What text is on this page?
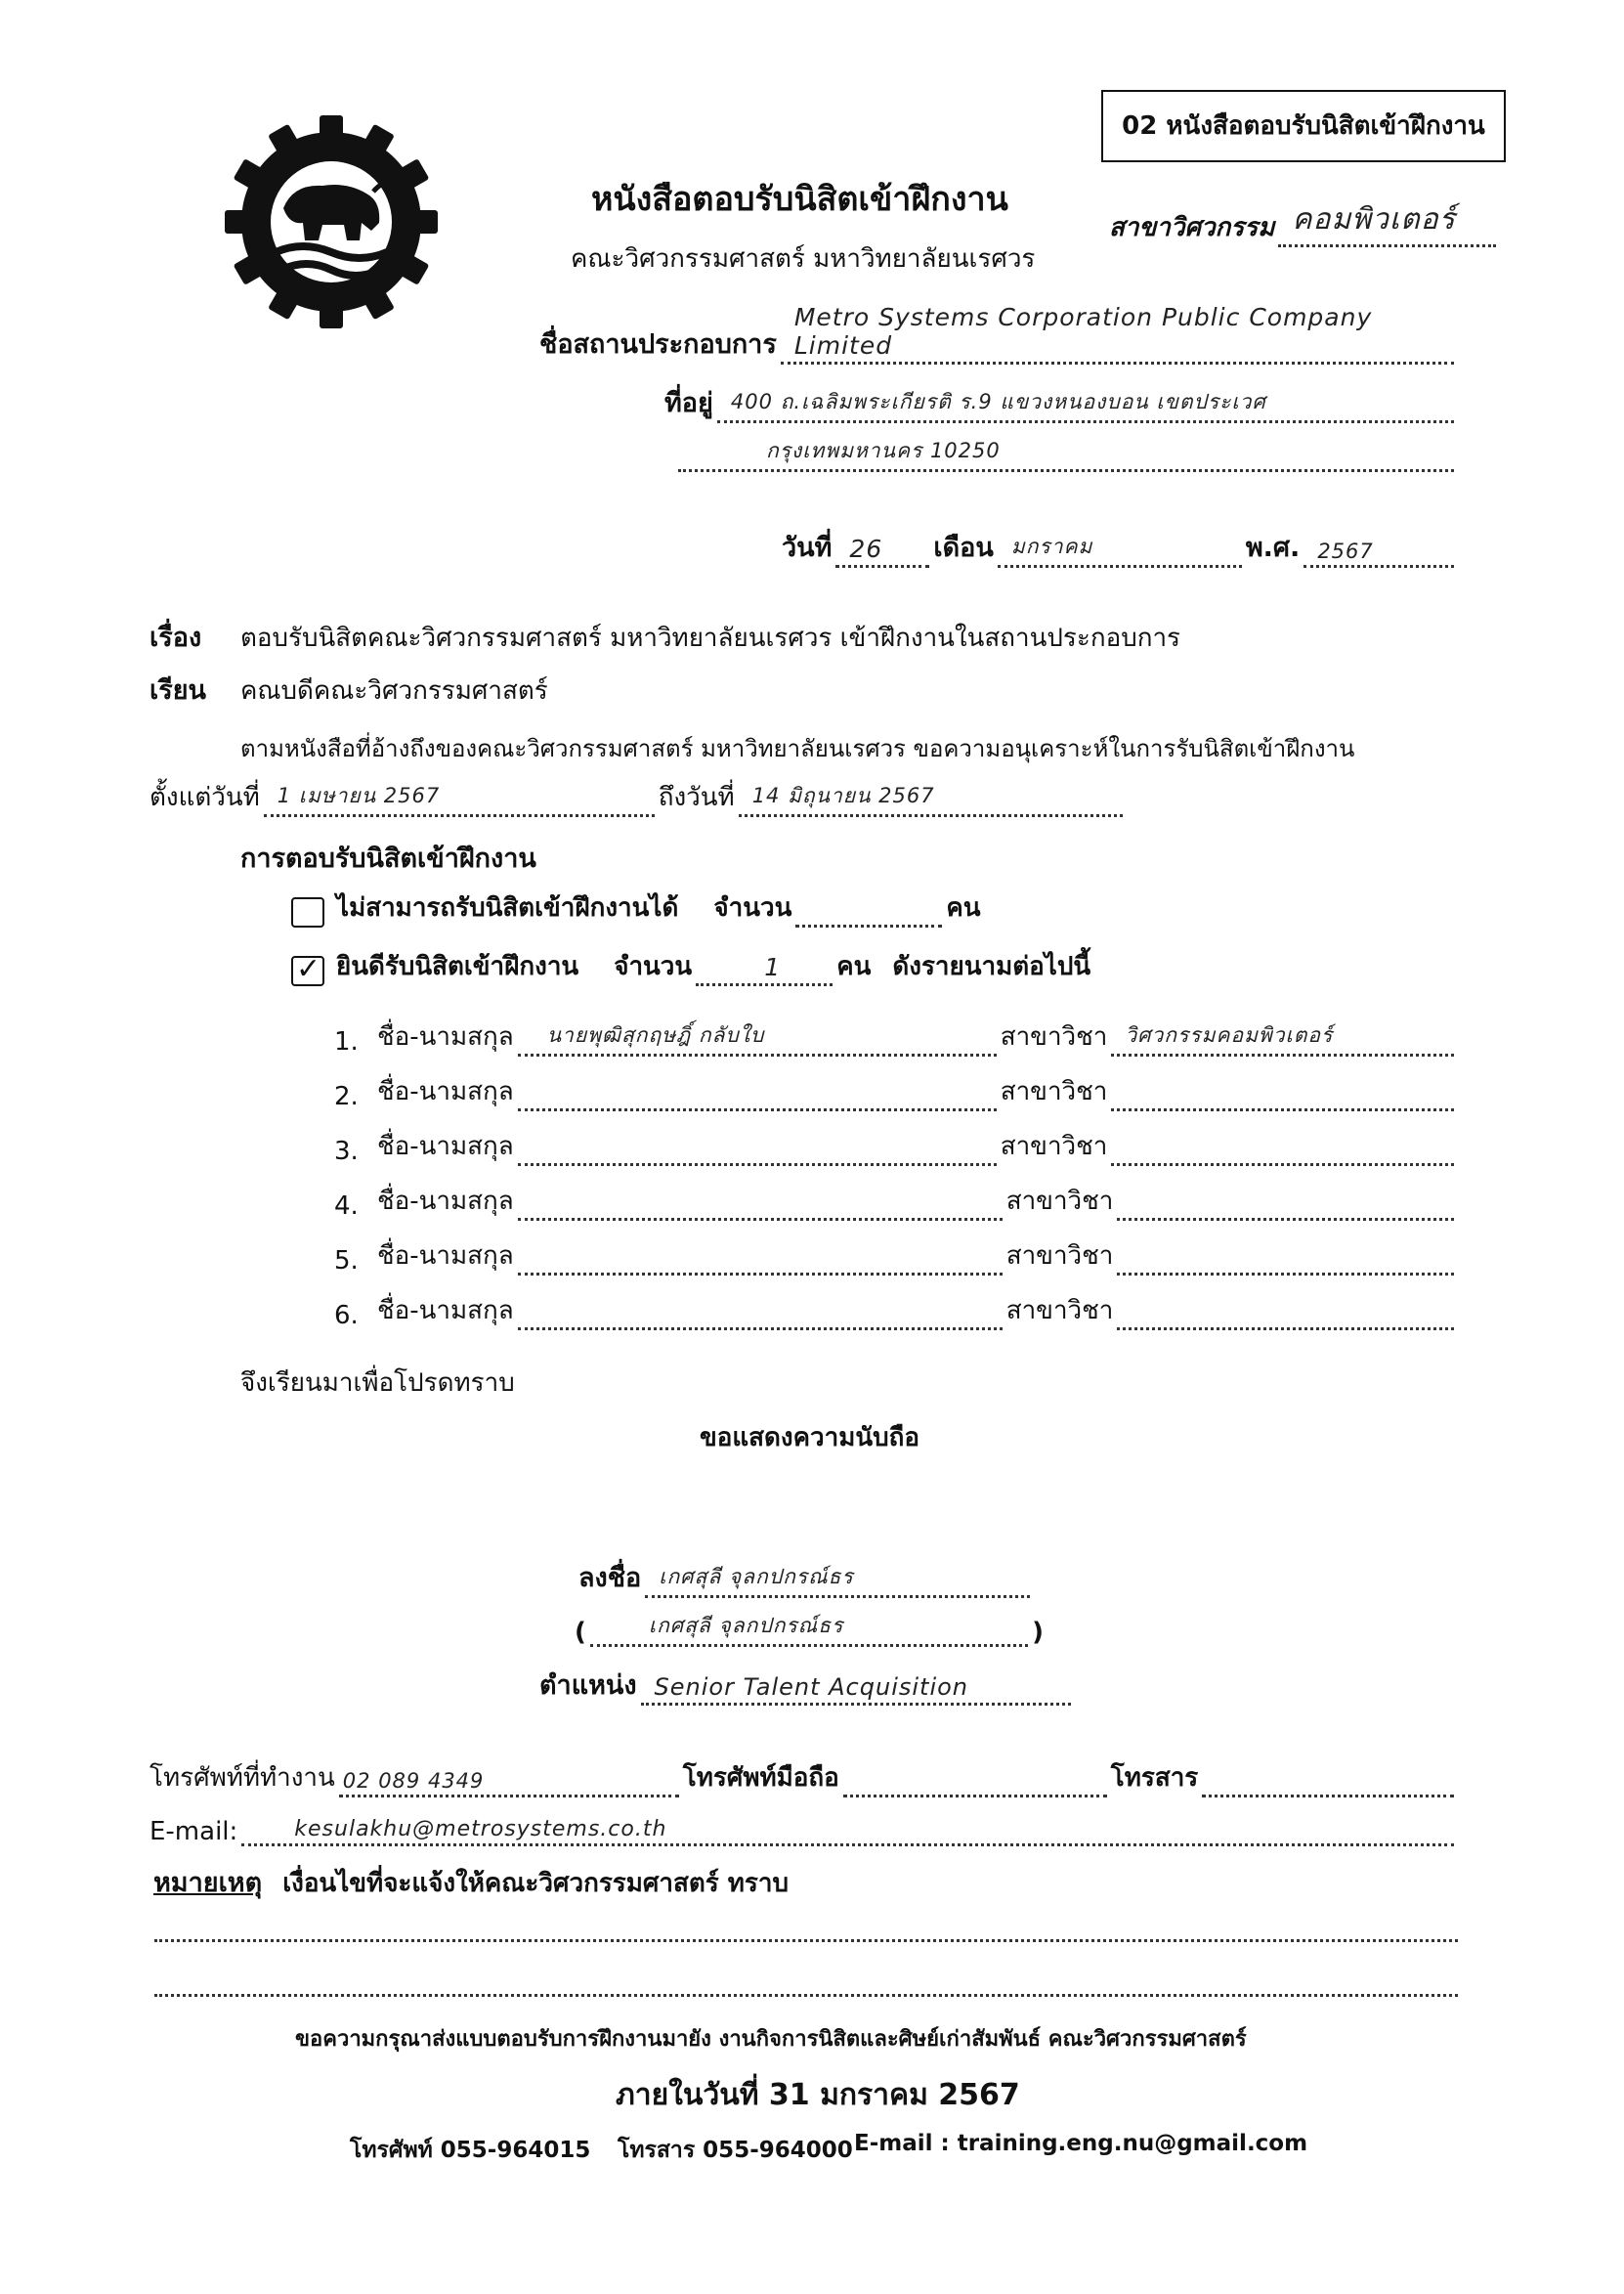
02 หนังสือตอบรับนิสิตเข้าฝึกงาน
หนังสือตอบรับนิสิตเข้าฝึกงาน
คณะวิศวกรรมศาสตร์ มหาวิทยาลัยนเรศวร
สาขาวิศวกรรม คอมพิวเตอร์
ชื่อสถานประกอบการ
Metro Systems Corporation Public Company Limited
ที่อยู่ 400 ถ.เฉลิมพระเกียรติ ร.9 แขวงหนองบอน เขตประเวศ
กรุงเทพมหานคร 10250
วันที่ 26 เดือน มกราคม	พ.ศ. 2567
เรื่อง ตอบรับนิสิตคณะวิศวกรรมศาสตร์ มหาวิทยาลัยนเรศวร เข้าฝึกงานในสถานประกอบการ
เรียน คณบดีคณะวิศวกรรมศาสตร์
ตามหนังสือที่อ้างถึงของคณะวิศวกรรมศาสตร์ มหาวิทยาลัยนเรศวร ขอความอนุเคราะห์ในการรับนิสิตเข้าฝึกงาน
ตั้งแต่วันที่ 1 เมษายน 2567	ถึงวันที่ 14 มิถุนายน 2567
การตอบรับนิสิตเข้าฝึกงาน
ไม่สามารถรับนิสิตเข้าฝึกงานได้ จำนวน	คน
✓
ยินดีรับนิสิตเข้าฝึกงาน จำนวน	1 คน ดังรายนามต่อไปนี้
1. ชื่อ-นามสกุล นายพุฒิสุกฤษฎิ์ กลับใบ	สาขาวิชา วิศวกรรมคอมพิวเตอร์
2. ชื่อ-นามสกุล	สาขาวิชา
3. ชื่อ-นามสกุล	สาขาวิชา
4. ชื่อ-นามสกุล	สาขาวิชา
5. ชื่อ-นามสกุล	สาขาวิชา
6. ชื่อ-นามสกุล	สาขาวิชา
จึงเรียนมาเพื่อโปรดทราบ
ขอแสดงความนับถือ
ลงชื่อ เกศสุลี จุลกปกรณ์ธร
(	เกศสุลี จุลกปกรณ์ธร	)
ตำแหน่ง Senior Talent Acquisition
โทรศัพท์ที่ทำงาน 02 089 4349	โทรศัพท์มือถือ	โทรสาร
E-mail:	kesulakhu@metrosystems.co.th
หมายเหตุ เงื่อนไขที่จะแจ้งให้คณะวิศวกรรมศาสตร์ ทราบ
ขอความกรุณาส่งแบบตอบรับการฝึกงานมายัง งานกิจการนิสิตและศิษย์เก่าสัมพันธ์ คณะวิศวกรรมศาสตร์
ภายในวันที่ 31 มกราคม 2567
โทรศัพท์ 055-964015 โทรสาร 055-964000 E-mail : training.eng.nu@gmail.com
